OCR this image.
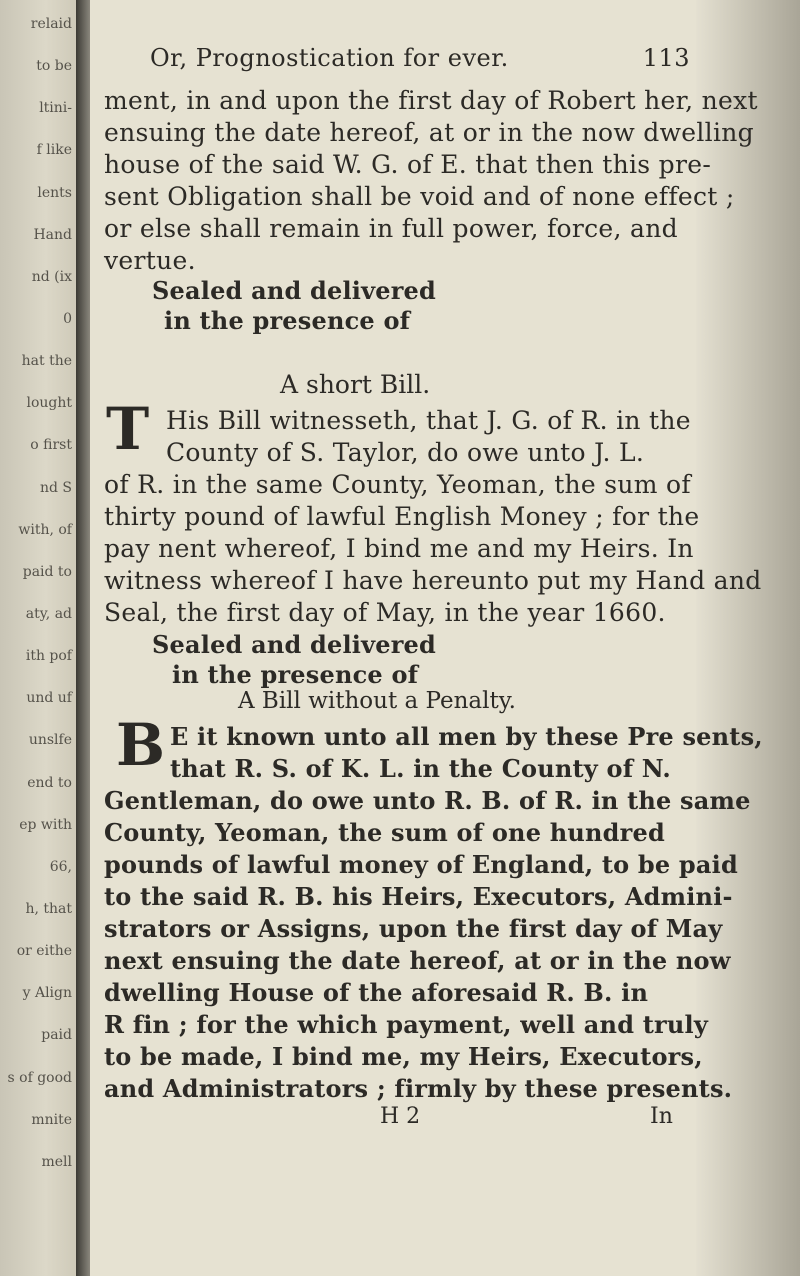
relaid
to be
ltini-
f like
lents
Hand
nd (ix
0
hat the
lought
o first
nd S
with, of
paid to
aty, ad
ith pof
und uf
unslfe
end to
ep with
66,
h, that
or eithe
y Align
paid
s of good
mnite
mell
Or, Prognostication for ever.	113
ment, in and upon the first day of Robert her, next
ensuing the date hereof, at or in the now dwelling
house of the said W. G. of E. that then this pre-
sent Obligation shall be void and of none effect ;
or else shall remain in full power, force, and
vertue.
Sealed and delivered
in the presence of
A short Bill.
T His Bill witnesseth, that J. G. of R. in the
County of S. Taylor, do owe unto J. L.
of R. in the same County, Yeoman, the sum of
thirty pound of lawful English Money ; for the
pay nent whereof, I bind me and my Heirs. In
witness whereof I have hereunto put my Hand and
Seal, the first day of May, in the year 1660.
Sealed and delivered
in the presence of
A Bill without a Penalty.
B E it known unto all men by these Pre sents,
that R. S. of K. L. in the County of N.
Gentleman, do owe unto R. B. of R. in the same
County, Yeoman, the sum of one hundred
pounds of lawful money of England, to be paid
to the said R. B. his Heirs, Executors, Admini-
strators or Assigns, upon the first day of May
next ensuing the date hereof, at or in the now
dwelling House of the aforesaid R. B. in
R fin ; for the which payment, well and truly
to be made, I bind me, my Heirs, Executors,
and Administrators ; firmly by these presents.
H 2	In
